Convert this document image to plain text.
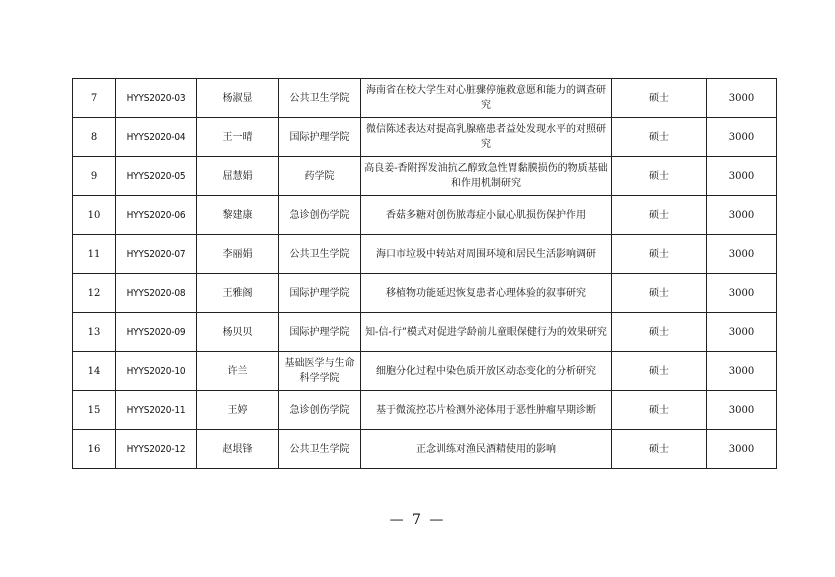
7	HYYS2020-03	杨淑显	公共卫生学院	海南省在校大学生对心脏骤停施救意愿和能力的调查研究	硕士	3000
8	HYYS2020-04	王一晴	国际护理学院	微信陈述表达对提高乳腺癌患者益处发现水平的对照研究	硕士	3000
9	HYYS2020-05	屈慧娟	药学院	高良姜-香附挥发油抗乙醇致急性胃黏膜损伤的物质基础和作用机制研究	硕士	3000
10	HYYS2020-06	黎建康	急诊创伤学院	香菇多糖对创伤脓毒症小鼠心肌损伤保护作用	硕士	3000
11	HYYS2020-07	李丽娟	公共卫生学院	海口市垃圾中转站对周围环境和居民生活影响调研	硕士	3000
12	HYYS2020-08	王雅阁	国际护理学院	移植物功能延迟恢复患者心理体验的叙事研究	硕士	3000
13	HYYS2020-09	杨贝贝	国际护理学院	知-信-行”模式对促进学龄前儿童眼保健行为的效果研究	硕士	3000
14	HYYS2020-10	许兰	基础医学与生命科学学院	细胞分化过程中染色质开放区动态变化的分析研究	硕士	3000
15	HYYS2020-11	王婷	急诊创伤学院	基于微流控芯片检测外泌体用于恶性肿瘤早期诊断	硕士	3000
16	HYYS2020-12	赵垠锋	公共卫生学院	正念训练对渔民酒精使用的影响	硕士	3000
— 7 —
